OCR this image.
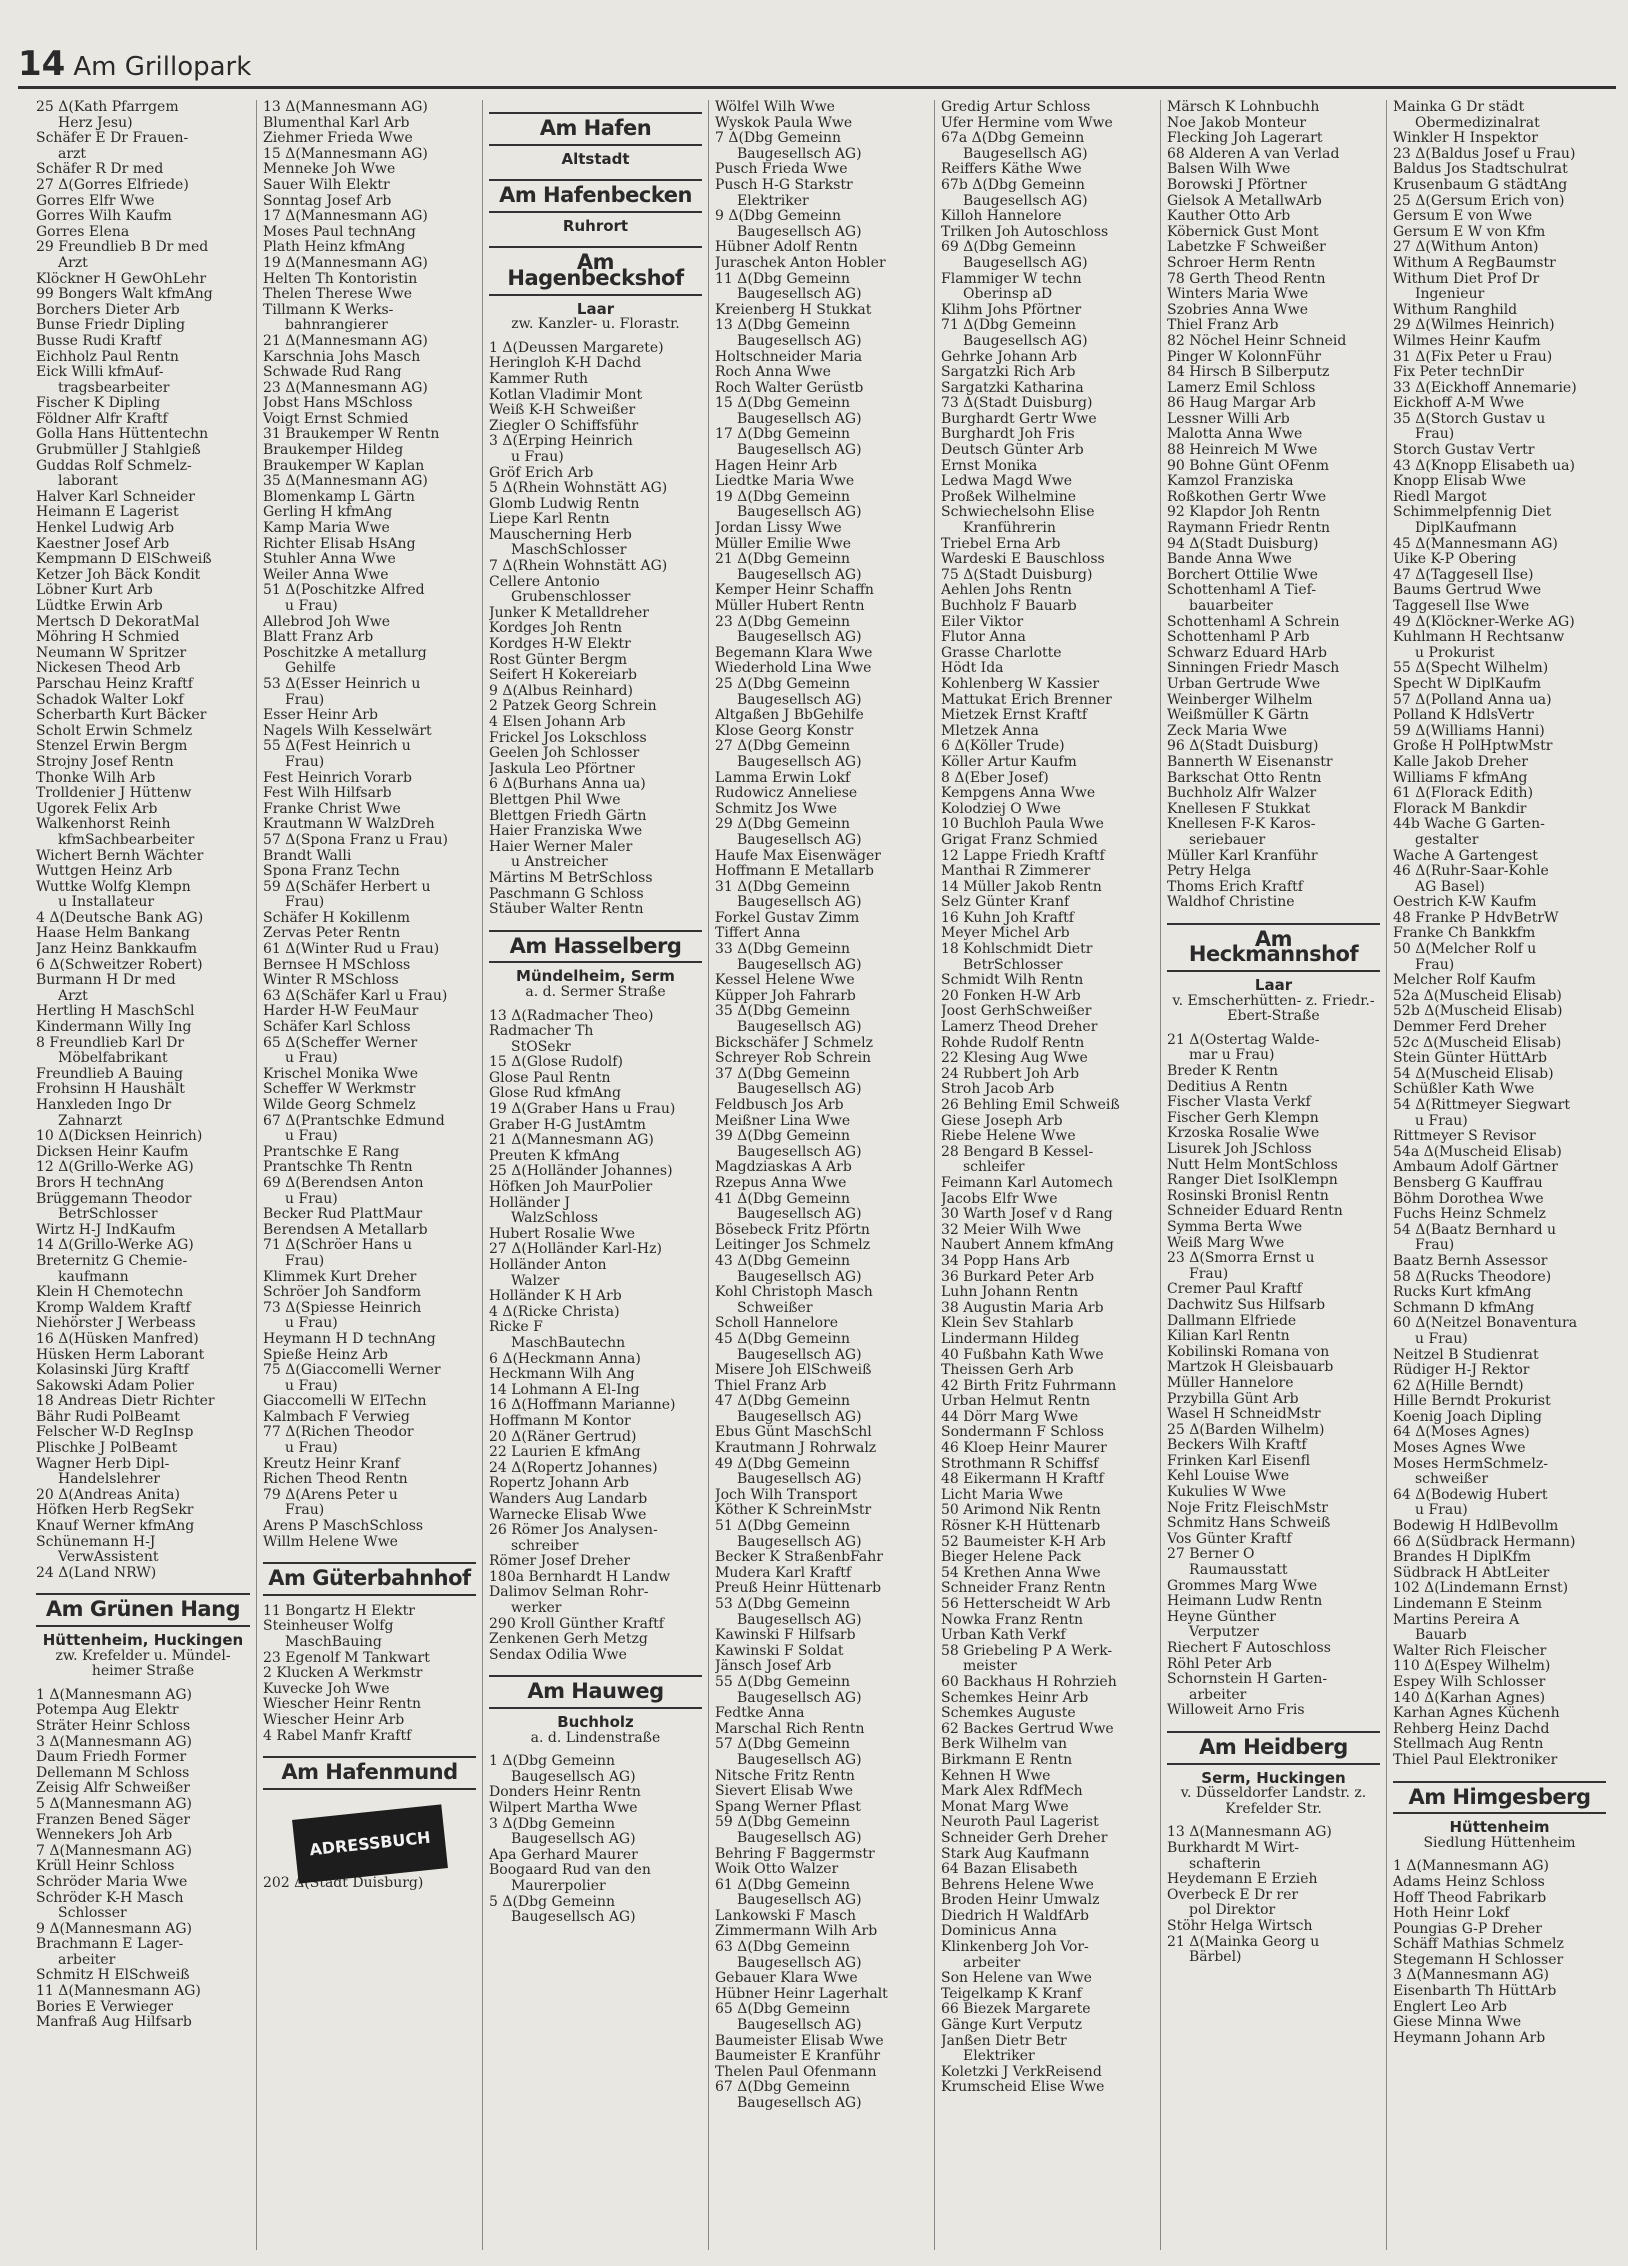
14 Am Grillopark
25 Δ(Kath Pfarrgem
Herz Jesu)
Schäfer E Dr Frauen-
arzt
Schäfer R Dr med
27 Δ(Gorres Elfriede)
Gorres Elfr Wwe
Gorres Wilh Kaufm
Gorres Elena
29 Freundlieb B Dr med
Arzt
Klöckner H GewOhLehr
99 Bongers Walt kfmAng
Borchers Dieter Arb
Bunse Friedr Dipling
Busse Rudi Kraftf
Eichholz Paul Rentn
Eick Willi kfmAuf-
tragsbearbeiter
Fischer K Dipling
Földner Alfr Kraftf
Golla Hans Hüttentechn
Grubmüller J Stahlgieß
Guddas Rolf Schmelz-
laborant
Halver Karl Schneider
Heimann E Lagerist
Henkel Ludwig Arb
Kaestner Josef Arb
Kempmann D ElSchweiß
Ketzer Joh Bäck Kondit
Löbner Kurt Arb
Lüdtke Erwin Arb
Mertsch D DekoratMal
Möhring H Schmied
Neumann W Spritzer
Nickesen Theod Arb
Parschau Heinz Kraftf
Schadok Walter Lokf
Scherbarth Kurt Bäcker
Scholt Erwin Schmelz
Stenzel Erwin Bergm
Strojny Josef Rentn
Thonke Wilh Arb
Trolldenier J Hüttenw
Ugorek Felix Arb
Walkenhorst Reinh
kfmSachbearbeiter
Wichert Bernh Wächter
Wuttgen Heinz Arb
Wuttke Wolfg Klempn
u Installateur
4 Δ(Deutsche Bank AG)
Haase Helm Bankang
Janz Heinz Bankkaufm
6 Δ(Schweitzer Robert)
Burmann H Dr med
Arzt
Hertling H MaschSchl
Kindermann Willy Ing
8 Freundlieb Karl Dr
Möbelfabrikant
Freundlieb A Bauing
Frohsinn H Haushält
Hanxleden Ingo Dr
Zahnarzt
10 Δ(Dicksen Heinrich)
Dicksen Heinr Kaufm
12 Δ(Grillo-Werke AG)
Brors H technAng
Brüggemann Theodor
BetrSchlosser
Wirtz H-J IndKaufm
14 Δ(Grillo-Werke AG)
Breternitz G Chemie-
kaufmann
Klein H Chemotechn
Kromp Waldem Kraftf
Niehörster J Werbeass
16 Δ(Hüsken Manfred)
Hüsken Herm Laborant
Kolasinski Jürg Kraftf
Sakowski Adam Polier
18 Andreas Dietr Richter
Bähr Rudi PolBeamt
Felscher W-D RegInsp
Plischke J PolBeamt
Wagner Herb Dipl-
Handelslehrer
20 Δ(Andreas Anita)
Höfken Herb RegSekr
Knauf Werner kfmAng
Schünemann H-J
VerwAssistent
24 Δ(Land NRW)
Am Grünen Hang
Hüttenheim, Huckingen
zw. Krefelder u. Mündel-heimer Straße
1 Δ(Mannesmann AG)
Potempa Aug Elektr
Sträter Heinr Schloss
3 Δ(Mannesmann AG)
Daum Friedh Former
Dellemann M Schloss
Zeisig Alfr Schweißer
5 Δ(Mannesmann AG)
Franzen Bened Säger
Wennekers Joh Arb
7 Δ(Mannesmann AG)
Krüll Heinr Schloss
Schröder Maria Wwe
Schröder K-H Masch
Schlosser
9 Δ(Mannesmann AG)
Brachmann E Lager-
arbeiter
Schmitz H ElSchweiß
11 Δ(Mannesmann AG)
Bories E Verwieger
Manfraß Aug Hilfsarb
13 Δ(Mannesmann AG)
Blumenthal Karl Arb
Ziehmer Frieda Wwe
15 Δ(Mannesmann AG)
Menneke Joh Wwe
Sauer Wilh Elektr
Sonntag Josef Arb
17 Δ(Mannesmann AG)
Moses Paul technAng
Plath Heinz kfmAng
19 Δ(Mannesmann AG)
Helten Th Kontoristin
Thelen Therese Wwe
Tillmann K Werks-
bahnrangierer
21 Δ(Mannesmann AG)
Karschnia Johs Masch
Schwade Rud Rang
23 Δ(Mannesmann AG)
Jobst Hans MSchloss
Voigt Ernst Schmied
31 Braukemper W Rentn
Braukemper Hildeg
Braukemper W Kaplan
35 Δ(Mannesmann AG)
Blomenkamp L Gärtn
Gerling H kfmAng
Kamp Maria Wwe
Richter Elisab HsAng
Stuhler Anna Wwe
Weiler Anna Wwe
51 Δ(Poschitzke Alfred
u Frau)
Allebrod Joh Wwe
Blatt Franz Arb
Poschitzke A metallurg
Gehilfe
53 Δ(Esser Heinrich u
Frau)
Esser Heinr Arb
Nagels Wilh Kesselwärt
55 Δ(Fest Heinrich u
Frau)
Fest Heinrich Vorarb
Fest Wilh Hilfsarb
Franke Christ Wwe
Krautmann W WalzDreh
57 Δ(Spona Franz u Frau)
Brandt Walli
Spona Franz Techn
59 Δ(Schäfer Herbert u
Frau)
Schäfer H Kokillenm
Zervas Peter Rentn
61 Δ(Winter Rud u Frau)
Bernsee H MSchloss
Winter R MSchloss
63 Δ(Schäfer Karl u Frau)
Harder H-W FeuMaur
Schäfer Karl Schloss
65 Δ(Scheffer Werner
u Frau)
Krischel Monika Wwe
Scheffer W Werkmstr
Wilde Georg Schmelz
67 Δ(Prantschke Edmund
u Frau)
Prantschke E Rang
Prantschke Th Rentn
69 Δ(Berendsen Anton
u Frau)
Becker Rud PlattMaur
Berendsen A Metallarb
71 Δ(Schröer Hans u
Frau)
Klimmek Kurt Dreher
Schröer Joh Sandform
73 Δ(Spiesse Heinrich
u Frau)
Heymann H D technAng
Spieße Heinz Arb
75 Δ(Giaccomelli Werner
u Frau)
Giaccomelli W ElTechn
Kalmbach F Verwieg
77 Δ(Richen Theodor
u Frau)
Kreutz Heinr Kranf
Richen Theod Rentn
79 Δ(Arens Peter u
Frau)
Arens P MaschSchloss
Willm Helene Wwe
Am Güterbahnhof
11 Bongartz H Elektr
Steinheuser Wolfg
MaschBauing
23 Egenolf M Tankwart
2 Klucken A Werkmstr
Kuvecke Joh Wwe
Wiescher Heinr Rentn
Wiescher Heinr Arb
4 Rabel Manfr Kraftf
Am Hafenmund
ADRESSBUCH
202 Δ(Stadt Duisburg)
Am Hafen
Altstadt
Am Hafenbecken
Ruhrort
Am Hagenbeckshof
Laar
zw. Kanzler- u. Florastr.
1 Δ(Deussen Margarete)
Heringloh K-H Dachd
Kammer Ruth
Kotlan Vladimir Mont
Weiß K-H Schweißer
Ziegler O Schiffsführ
3 Δ(Erping Heinrich
u Frau)
Gröf Erich Arb
5 Δ(Rhein Wohnstätt AG)
Glomb Ludwig Rentn
Liepe Karl Rentn
Mauscherning Herb
MaschSchlosser
7 Δ(Rhein Wohnstätt AG)
Cellere Antonio
Grubenschlosser
Junker K Metalldreher
Kordges Joh Rentn
Kordges H-W Elektr
Rost Günter Bergm
Seifert H Kokereiarb
9 Δ(Albus Reinhard)
2 Patzek Georg Schrein
4 Elsen Johann Arb
Frickel Jos Lokschloss
Geelen Joh Schlosser
Jaskula Leo Pförtner
6 Δ(Burhans Anna ua)
Blettgen Phil Wwe
Blettgen Friedh Gärtn
Haier Franziska Wwe
Haier Werner Maler
u Anstreicher
Märtins M BetrSchloss
Paschmann G Schloss
Stäuber Walter Rentn
Am Hasselberg
Mündelheim, Serm
a. d. Sermer Straße
13 Δ(Radmacher Theo)
Radmacher Th
StOSekr
15 Δ(Glose Rudolf)
Glose Paul Rentn
Glose Rud kfmAng
19 Δ(Graber Hans u Frau)
Graber H-G JustAmtm
21 Δ(Mannesmann AG)
Preuten K kfmAng
25 Δ(Holländer Johannes)
Höfken Joh MaurPolier
Holländer J
WalzSchloss
Hubert Rosalie Wwe
27 Δ(Holländer Karl-Hz)
Holländer Anton
Walzer
Holländer K H Arb
4 Δ(Ricke Christa)
Ricke F
MaschBautechn
6 Δ(Heckmann Anna)
Heckmann Wilh Ang
14 Lohmann A El-Ing
16 Δ(Hoffmann Marianne)
Hoffmann M Kontor
20 Δ(Räner Gertrud)
22 Laurien E kfmAng
24 Δ(Ropertz Johannes)
Ropertz Johann Arb
Wanders Aug Landarb
Warnecke Elisab Wwe
26 Römer Jos Analysen-
schreiber
Römer Josef Dreher
180a Bernhardt H Landw
Dalimov Selman Rohr-
werker
290 Kroll Günther Kraftf
Zenkenen Gerh Metzg
Sendax Odilia Wwe
Am Hauweg
Buchholz
a. d. Lindenstraße
1 Δ(Dbg Gemeinn
Baugesellsch AG)
Donders Heinr Rentn
Wilpert Martha Wwe
3 Δ(Dbg Gemeinn
Baugesellsch AG)
Apa Gerhard Maurer
Boogaard Rud van den
Maurerpolier
5 Δ(Dbg Gemeinn
Baugesellsch AG)
Wölfel Wilh Wwe
Wyskok Paula Wwe
7 Δ(Dbg Gemeinn
Baugesellsch AG)
Pusch Frieda Wwe
Pusch H-G Starkstr
Elektriker
9 Δ(Dbg Gemeinn
Baugesellsch AG)
Hübner Adolf Rentn
Juraschek Anton Hobler
11 Δ(Dbg Gemeinn
Baugesellsch AG)
Kreienberg H Stukkat
13 Δ(Dbg Gemeinn
Baugesellsch AG)
Holtschneider Maria
Roch Anna Wwe
Roch Walter Gerüstb
15 Δ(Dbg Gemeinn
Baugesellsch AG)
17 Δ(Dbg Gemeinn
Baugesellsch AG)
Hagen Heinr Arb
Liedtke Maria Wwe
19 Δ(Dbg Gemeinn
Baugesellsch AG)
Jordan Lissy Wwe
Müller Emilie Wwe
21 Δ(Dbg Gemeinn
Baugesellsch AG)
Kemper Heinr Schaffn
Müller Hubert Rentn
23 Δ(Dbg Gemeinn
Baugesellsch AG)
Begemann Klara Wwe
Wiederhold Lina Wwe
25 Δ(Dbg Gemeinn
Baugesellsch AG)
Altgaßen J BbGehilfe
Klose Georg Konstr
27 Δ(Dbg Gemeinn
Baugesellsch AG)
Lamma Erwin Lokf
Rudowicz Anneliese
Schmitz Jos Wwe
29 Δ(Dbg Gemeinn
Baugesellsch AG)
Haufe Max Eisenwäger
Hoffmann E Metallarb
31 Δ(Dbg Gemeinn
Baugesellsch AG)
Forkel Gustav Zimm
Tiffert Anna
33 Δ(Dbg Gemeinn
Baugesellsch AG)
Kessel Helene Wwe
Küpper Joh Fahrarb
35 Δ(Dbg Gemeinn
Baugesellsch AG)
Bickschäfer J Schmelz
Schreyer Rob Schrein
37 Δ(Dbg Gemeinn
Baugesellsch AG)
Feldbusch Jos Arb
Meißner Lina Wwe
39 Δ(Dbg Gemeinn
Baugesellsch AG)
Magdziaskas A Arb
Rzepus Anna Wwe
41 Δ(Dbg Gemeinn
Baugesellsch AG)
Bösebeck Fritz Pförtn
Leitinger Jos Schmelz
43 Δ(Dbg Gemeinn
Baugesellsch AG)
Kohl Christoph Masch
Schweißer
Scholl Hannelore
45 Δ(Dbg Gemeinn
Baugesellsch AG)
Misere Joh ElSchweiß
Thiel Franz Arb
47 Δ(Dbg Gemeinn
Baugesellsch AG)
Ebus Günt MaschSchl
Krautmann J Rohrwalz
49 Δ(Dbg Gemeinn
Baugesellsch AG)
Joch Wilh Transport
Köther K SchreinMstr
51 Δ(Dbg Gemeinn
Baugesellsch AG)
Becker K StraßenbFahr
Mudera Karl Kraftf
Preuß Heinr Hüttenarb
53 Δ(Dbg Gemeinn
Baugesellsch AG)
Kawinski F Hilfsarb
Kawinski F Soldat
Jänsch Josef Arb
55 Δ(Dbg Gemeinn
Baugesellsch AG)
Fedtke Anna
Marschal Rich Rentn
57 Δ(Dbg Gemeinn
Baugesellsch AG)
Nitsche Fritz Rentn
Sievert Elisab Wwe
Spang Werner Pflast
59 Δ(Dbg Gemeinn
Baugesellsch AG)
Behring F Baggermstr
Woik Otto Walzer
61 Δ(Dbg Gemeinn
Baugesellsch AG)
Lankowski F Masch
Zimmermann Wilh Arb
63 Δ(Dbg Gemeinn
Baugesellsch AG)
Gebauer Klara Wwe
Hübner Heinr Lagerhalt
65 Δ(Dbg Gemeinn
Baugesellsch AG)
Baumeister Elisab Wwe
Baumeister E Kranführ
Thelen Paul Ofenmann
67 Δ(Dbg Gemeinn
Baugesellsch AG)
Gredig Artur Schloss
Ufer Hermine vom Wwe
67a Δ(Dbg Gemeinn
Baugesellsch AG)
Reiffers Käthe Wwe
67b Δ(Dbg Gemeinn
Baugesellsch AG)
Killoh Hannelore
Trilken Joh Autoschloss
69 Δ(Dbg Gemeinn
Baugesellsch AG)
Flammiger W techn
Oberinsp aD
Klihm Johs Pförtner
71 Δ(Dbg Gemeinn
Baugesellsch AG)
Gehrke Johann Arb
Sargatzki Rich Arb
Sargatzki Katharina
73 Δ(Stadt Duisburg)
Burghardt Gertr Wwe
Burghardt Joh Fris
Deutsch Günter Arb
Ernst Monika
Ledwa Magd Wwe
Proßek Wilhelmine
Schwiechelsohn Elise
Kranführerin
Triebel Erna Arb
Wardeski E Bauschloss
75 Δ(Stadt Duisburg)
Aehlen Johs Rentn
Buchholz F Bauarb
Eiler Viktor
Flutor Anna
Grasse Charlotte
Hödt Ida
Kohlenberg W Kassier
Mattukat Erich Brenner
Mietzek Ernst Kraftf
Mletzek Anna
6 Δ(Köller Trude)
Köller Artur Kaufm
8 Δ(Eber Josef)
Kempgens Anna Wwe
Kolodziej O Wwe
10 Buchloh Paula Wwe
Grigat Franz Schmied
12 Lappe Friedh Kraftf
Manthai R Zimmerer
14 Müller Jakob Rentn
Selz Günter Kranf
16 Kuhn Joh Kraftf
Meyer Michel Arb
18 Kohlschmidt Dietr
BetrSchlosser
Schmidt Wilh Rentn
20 Fonken H-W Arb
Joost GerhSchweißer
Lamerz Theod Dreher
Rohde Rudolf Rentn
22 Klesing Aug Wwe
24 Rubbert Joh Arb
Stroh Jacob Arb
26 Behling Emil Schweiß
Giese Joseph Arb
Riebe Helene Wwe
28 Bengard B Kessel-
schleifer
Feimann Karl Automech
Jacobs Elfr Wwe
30 Warth Josef v d Rang
32 Meier Wilh Wwe
Naubert Annem kfmAng
34 Popp Hans Arb
36 Burkard Peter Arb
Luhn Johann Rentn
38 Augustin Maria Arb
Klein Sev Stahlarb
Lindermann Hildeg
40 Fußbahn Kath Wwe
Theissen Gerh Arb
42 Birth Fritz Fuhrmann
Urban Helmut Rentn
44 Dörr Marg Wwe
Sondermann F Schloss
46 Kloep Heinr Maurer
Strothmann R Schiffsf
48 Eikermann H Kraftf
Licht Maria Wwe
50 Arimond Nik Rentn
Rösner K-H Hüttenarb
52 Baumeister K-H Arb
Bieger Helene Pack
54 Krethen Anna Wwe
Schneider Franz Rentn
56 Hetterscheidt W Arb
Nowka Franz Rentn
Urban Kath Verkf
58 Griebeling P A Werk-
meister
60 Backhaus H Rohrzieh
Schemkes Heinr Arb
Schemkes Auguste
62 Backes Gertrud Wwe
Berk Wilhelm van
Birkmann E Rentn
Kehnen H Wwe
Mark Alex RdfMech
Monat Marg Wwe
Neuroth Paul Lagerist
Schneider Gerh Dreher
Stark Aug Kaufmann
64 Bazan Elisabeth
Behrens Helene Wwe
Broden Heinr Umwalz
Diedrich H WaldfArb
Dominicus Anna
Klinkenberg Joh Vor-
arbeiter
Son Helene van Wwe
Teigelkamp K Kranf
66 Biezek Margarete
Gänge Kurt Verputz
Janßen Dietr Betr
Elektriker
Koletzki J VerkReisend
Krumscheid Elise Wwe
Märsch K Lohnbuchh
Noe Jakob Monteur
Flecking Joh Lagerart
68 Alderen A van Verlad
Balsen Wilh Wwe
Borowski J Pförtner
Gielsok A MetallwArb
Kauther Otto Arb
Köbernick Gust Mont
Labetzke F Schweißer
Schroer Herm Rentn
78 Gerth Theod Rentn
Winters Maria Wwe
Szobries Anna Wwe
Thiel Franz Arb
82 Nöchel Heinr Schneid
Pinger W KolonnFühr
84 Hirsch B Silberputz
Lamerz Emil Schloss
86 Haug Margar Arb
Lessner Willi Arb
Malotta Anna Wwe
88 Heinreich M Wwe
90 Bohne Günt OFenm
Kamzol Franziska
Roßkothen Gertr Wwe
92 Klapdor Joh Rentn
Raymann Friedr Rentn
94 Δ(Stadt Duisburg)
Bande Anna Wwe
Borchert Ottilie Wwe
Schottenhaml A Tief-
bauarbeiter
Schottenhaml A Schrein
Schottenhaml P Arb
Schwarz Eduard HArb
Sinningen Friedr Masch
Urban Gertrude Wwe
Weinberger Wilhelm
Weißmüller K Gärtn
Zeck Maria Wwe
96 Δ(Stadt Duisburg)
Bannerth W Eisenanstr
Barkschat Otto Rentn
Buchholz Alfr Walzer
Knellesen F Stukkat
Knellesen F-K Karos-
seriebauer
Müller Karl Kranführ
Petry Helga
Thoms Erich Kraftf
Waldhof Christine
Am Heckmannshof
Laar
v. Emscherhütten- z. Friedr.-Ebert-Straße
21 Δ(Ostertag Walde-
mar u Frau)
Breder K Rentn
Deditius A Rentn
Fischer Vlasta Verkf
Fischer Gerh Klempn
Krzoska Rosalie Wwe
Lisurek Joh JSchloss
Nutt Helm MontSchloss
Ranger Diet IsolKlempn
Rosinski Bronisl Rentn
Schneider Eduard Rentn
Symma Berta Wwe
Weiß Marg Wwe
23 Δ(Smorra Ernst u
Frau)
Cremer Paul Kraftf
Dachwitz Sus Hilfsarb
Dallmann Elfriede
Kilian Karl Rentn
Kobilinski Romana von
Martzok H Gleisbauarb
Müller Hannelore
Przybilla Günt Arb
Wasel H SchneidMstr
25 Δ(Barden Wilhelm)
Beckers Wilh Kraftf
Frinken Karl Eisenfl
Kehl Louise Wwe
Kukulies W Wwe
Noje Fritz FleischMstr
Schmitz Hans Schweiß
Vos Günter Kraftf
27 Berner O
Raumausstatt
Grommes Marg Wwe
Heimann Ludw Rentn
Heyne Günther
Verputzer
Riechert F Autoschloss
Röhl Peter Arb
Schornstein H Garten-
arbeiter
Willoweit Arno Fris
Am Heidberg
Serm, Huckingen
v. Düsseldorfer Landstr. z. Krefelder Str.
13 Δ(Mannesmann AG)
Burkhardt M Wirt-
schafterin
Heydemann E Erzieh
Overbeck E Dr rer
pol Direktor
Stöhr Helga Wirtsch
21 Δ(Mainka Georg u
Bärbel)
Mainka G Dr städt
Obermedizinalrat
Winkler H Inspektor
23 Δ(Baldus Josef u Frau)
Baldus Jos Stadtschulrat
Krusenbaum G städtAng
25 Δ(Gersum Erich von)
Gersum E von Wwe
Gersum E W von Kfm
27 Δ(Withum Anton)
Withum A RegBaumstr
Withum Diet Prof Dr
Ingenieur
Withum Ranghild
29 Δ(Wilmes Heinrich)
Wilmes Heinr Kaufm
31 Δ(Fix Peter u Frau)
Fix Peter technDir
33 Δ(Eickhoff Annemarie)
Eickhoff A-M Wwe
35 Δ(Storch Gustav u
Frau)
Storch Gustav Vertr
43 Δ(Knopp Elisabeth ua)
Knopp Elisab Wwe
Riedl Margot
Schimmelpfennig Diet
DiplKaufmann
45 Δ(Mannesmann AG)
Uike K-P Obering
47 Δ(Taggesell Ilse)
Baums Gertrud Wwe
Taggesell Ilse Wwe
49 Δ(Klöckner-Werke AG)
Kuhlmann H Rechtsanw
u Prokurist
55 Δ(Specht Wilhelm)
Specht W DiplKaufm
57 Δ(Polland Anna ua)
Polland K HdlsVertr
59 Δ(Williams Hanni)
Große H PolHptwMstr
Kalle Jakob Dreher
Williams F kfmAng
61 Δ(Florack Edith)
Florack M Bankdir
44b Wache G Garten-
gestalter
Wache A Gartengest
46 Δ(Ruhr-Saar-Kohle
AG Basel)
Oestrich K-W Kaufm
48 Franke P HdvBetrW
Franke Ch Bankkfm
50 Δ(Melcher Rolf u
Frau)
Melcher Rolf Kaufm
52a Δ(Muscheid Elisab)
52b Δ(Muscheid Elisab)
Demmer Ferd Dreher
52c Δ(Muscheid Elisab)
Stein Günter HüttArb
54 Δ(Muscheid Elisab)
Schüßler Kath Wwe
54 Δ(Rittmeyer Siegwart
u Frau)
Rittmeyer S Revisor
54a Δ(Muscheid Elisab)
Ambaum Adolf Gärtner
Bensberg G Kauffrau
Böhm Dorothea Wwe
Fuchs Heinz Schmelz
54 Δ(Baatz Bernhard u
Frau)
Baatz Bernh Assessor
58 Δ(Rucks Theodore)
Rucks Kurt kfmAng
Schmann D kfmAng
60 Δ(Neitzel Bonaventura
u Frau)
Neitzel B Studienrat
Rüdiger H-J Rektor
62 Δ(Hille Berndt)
Hille Berndt Prokurist
Koenig Joach Dipling
64 Δ(Moses Agnes)
Moses Agnes Wwe
Moses HermSchmelz-
schweißer
64 Δ(Bodewig Hubert
u Frau)
Bodewig H HdlBevollm
66 Δ(Südbrack Hermann)
Brandes H DiplKfm
Südbrack H AbtLeiter
102 Δ(Lindemann Ernst)
Lindemann E Steinm
Martins Pereira A
Bauarb
Walter Rich Fleischer
110 Δ(Espey Wilhelm)
Espey Wilh Schlosser
140 Δ(Karhan Agnes)
Karhan Agnes Küchenh
Rehberg Heinz Dachd
Stellmach Aug Rentn
Thiel Paul Elektroniker
Am Himgesberg
Hüttenheim
Siedlung Hüttenheim
1 Δ(Mannesmann AG)
Adams Heinz Schloss
Hoff Theod Fabrikarb
Hoth Heinr Lokf
Poungias G-P Dreher
Schäff Mathias Schmelz
Stegemann H Schlosser
3 Δ(Mannesmann AG)
Eisenbarth Th HüttArb
Englert Leo Arb
Giese Minna Wwe
Heymann Johann Arb
